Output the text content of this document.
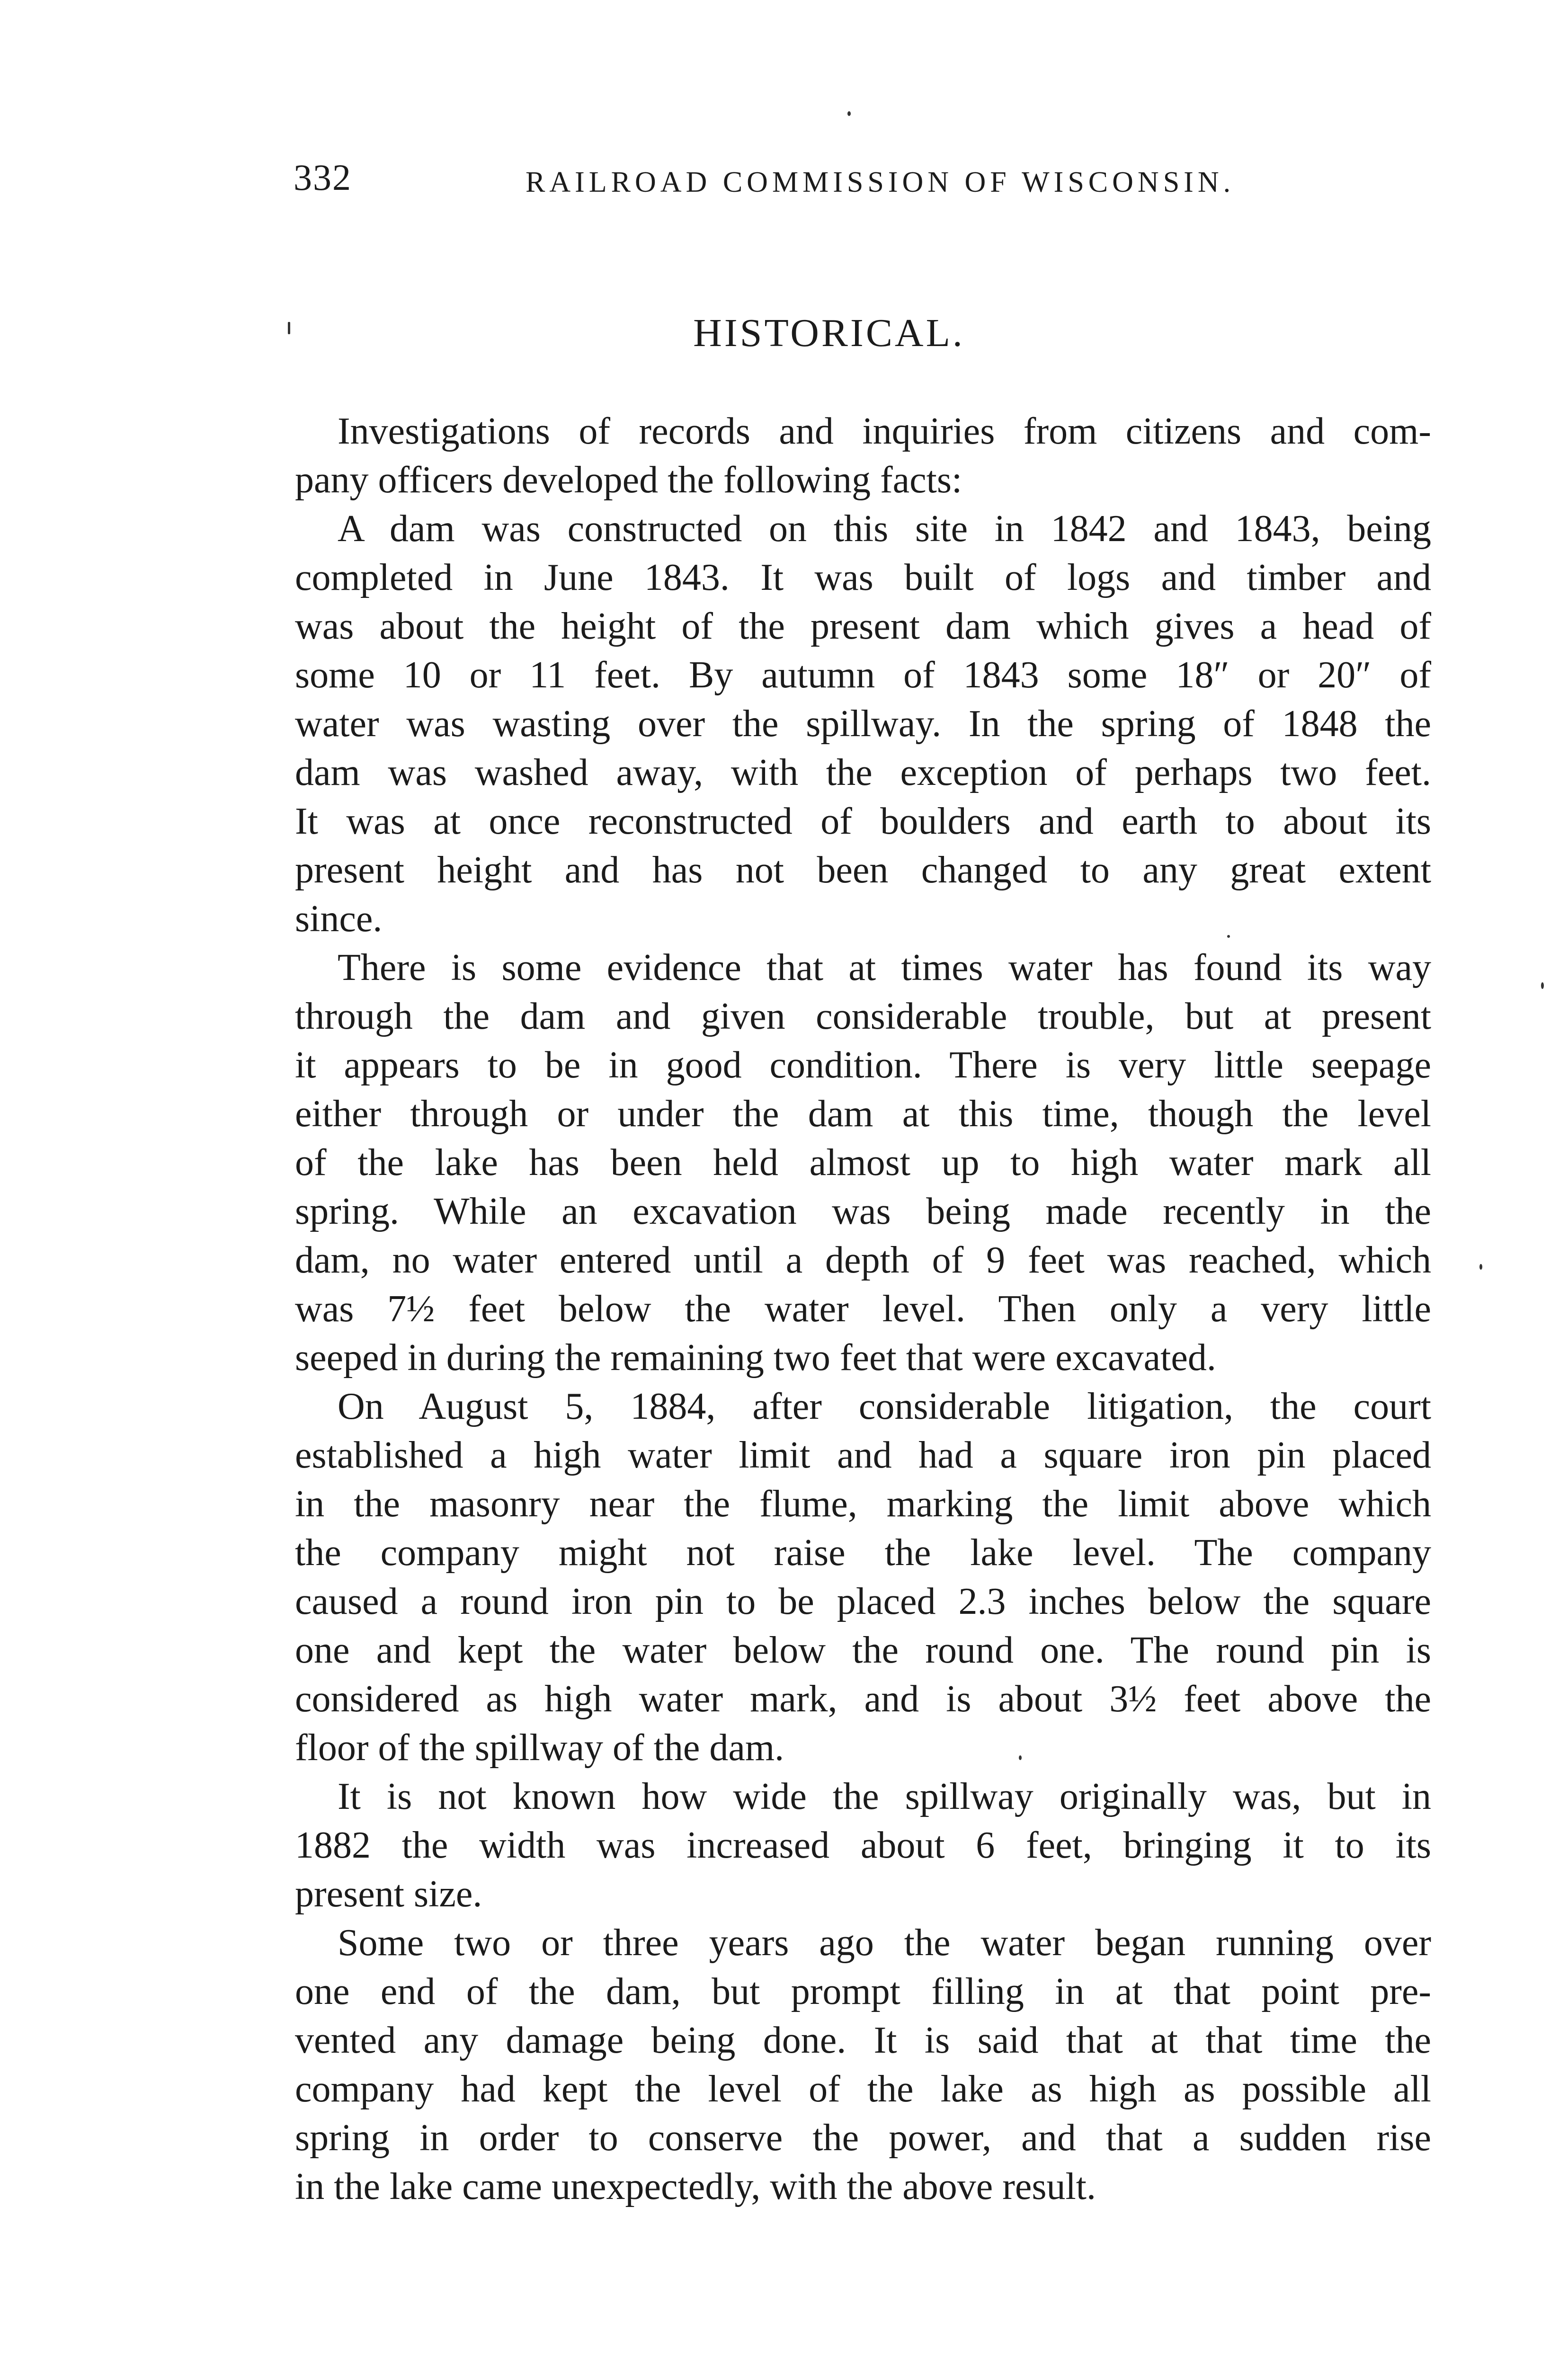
332	RAILROAD COMMISSION OF WISCONSIN.
HISTORICAL.
Investigations of records and inquiries from citizens and com-
pany officers developed the following facts:
A dam was constructed on this site in 1842 and 1843, being
completed in June 1843. It was built of logs and timber and
was about the height of the present dam which gives a head of
some 10 or 11 feet. By autumn of 1843 some 18″ or 20″ of
water was wasting over the spillway. In the spring of 1848 the
dam was washed away, with the exception of perhaps two feet.
It was at once reconstructed of boulders and earth to about its
present height and has not been changed to any great extent
since.
There is some evidence that at times water has found its way
through the dam and given considerable trouble, but at present
it appears to be in good condition. There is very little seepage
either through or under the dam at this time, though the level
of the lake has been held almost up to high water mark all
spring. While an excavation was being made recently in the
dam, no water entered until a depth of 9 feet was reached, which
was 7½ feet below the water level. Then only a very little
seeped in during the remaining two feet that were excavated.
On August 5, 1884, after considerable litigation, the court
established a high water limit and had a square iron pin placed
in the masonry near the flume, marking the limit above which
the company might not raise the lake level. The company
caused a round iron pin to be placed 2.3 inches below the square
one and kept the water below the round one. The round pin is
considered as high water mark, and is about 3½ feet above the
floor of the spillway of the dam.
It is not known how wide the spillway originally was, but in
1882 the width was increased about 6 feet, bringing it to its
present size.
Some two or three years ago the water began running over
one end of the dam, but prompt filling in at that point pre-
vented any damage being done. It is said that at that time the
company had kept the level of the lake as high as possible all
spring in order to conserve the power, and that a sudden rise
in the lake came unexpectedly, with the above result.
